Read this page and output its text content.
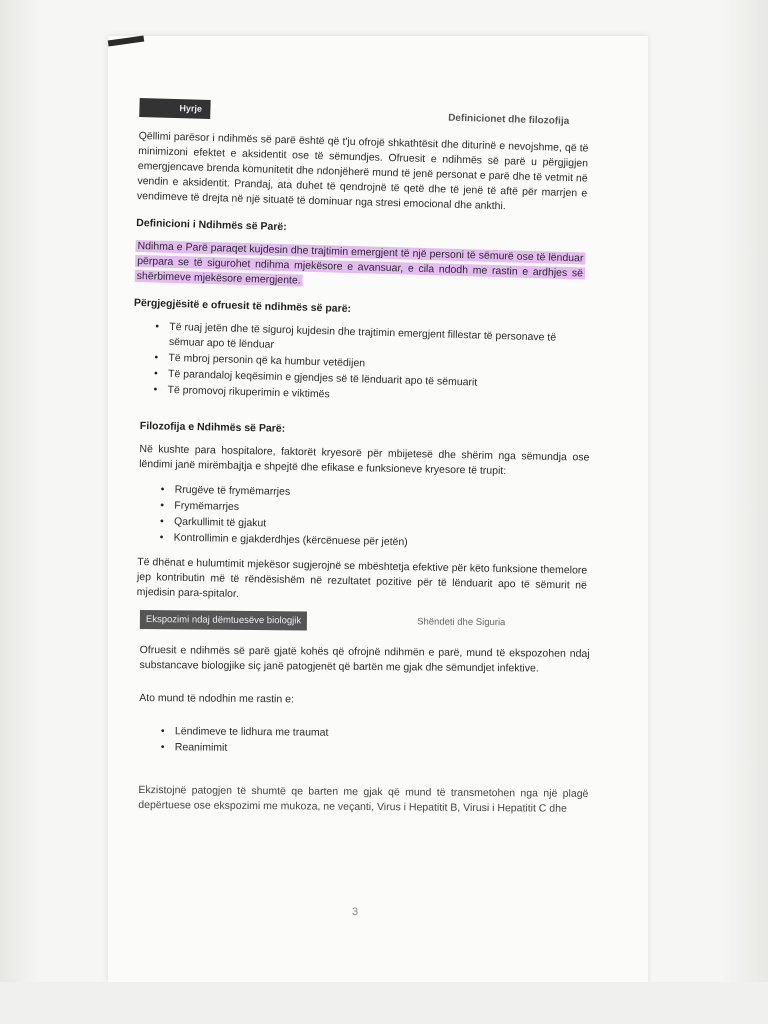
Hyrje
Definicionet dhe filozofija

Qëllimi parësor i ndihmës së parë është që t'ju ofrojë shkathtësit dhe diturinë e nevojshme, që të minimizoni efektet e aksidentit ose të sëmundjes. Ofruesit e ndihmës së parë u përgjigjen emergjencave brenda komunitetit dhe ndonjëherë mund të jenë personat e parë dhe të vetmit në vendin e aksidentit. Prandaj, ata duhet të qendrojnë të qetë dhe të jenë të aftë për marrjen e vendimeve të drejta në një situatë të dominuar nga stresi emocional dhe ankthi.

Definicioni i Ndihmës së Parë:

Ndihma e Parë paraqet kujdesin dhe trajtimin emergjent të një personi të sëmurë ose të lënduar përpara se të sigurohet ndihma mjekësore e avansuar, e cila ndodh me rastin e ardhjes së shërbimeve mjekësore emergjente.

Përgjegjësitë e ofruesit të ndihmës së parë:
• Të ruaj jetën dhe të siguroj kujdesin dhe trajtimin emergjent fillestar të personave të sëmuar apo të lënduar
• Të mbroj personin që ka humbur vetëdijen
• Të parandaloj keqësimin e gjendjes së të lënduarit apo të sëmuarit
• Të promovoj rikuperimin e viktimës
Filozofija e Ndihmës së Parë:

Në kushte para hospitalore, faktorët kryesorë për mbijetesë dhe shërim nga sëmundja ose lëndimi janë mirëmbajtja e shpejtë dhe efikase e funksioneve kryesore të trupit:

• Rrugëve të frymëmarrjes
• Frymëmarrjes
• Qarkullimit të gjakut
• Kontrollimin e gjakderdhjes (kërcënuese për jetën)

Të dhënat e hulumtimit mjekësor sugjerojnë se mbështetja efektive për këto funksione themelore jep kontributin më të rëndësishëm në rezultatet pozitive për të lënduarit apo të sëmurit në mjedisin para-spitalor.

Ekspozimi ndaj dëmtuesëve biologjik	Shëndeti dhe Siguria

Ofruesit e ndihmës së parë gjatë kohës që ofrojnë ndihmën e parë, mund të ekspozohen ndaj substancave biologjike siç janë patogjenët që bartën me gjak dhe sëmundjet infektive.

Ato mund të ndodhin me rastin e:

• Lëndimeve te lidhura me traumat
• Reanimimit

Ekzistojnë patogjen të shumtë qe barten me gjak që mund të transmetohen nga një plagë depërtuese ose ekspozimi me mukoza, ne veçanti, Virus i Hepatitit B, Virusi i Hepatitit C dhe

3
